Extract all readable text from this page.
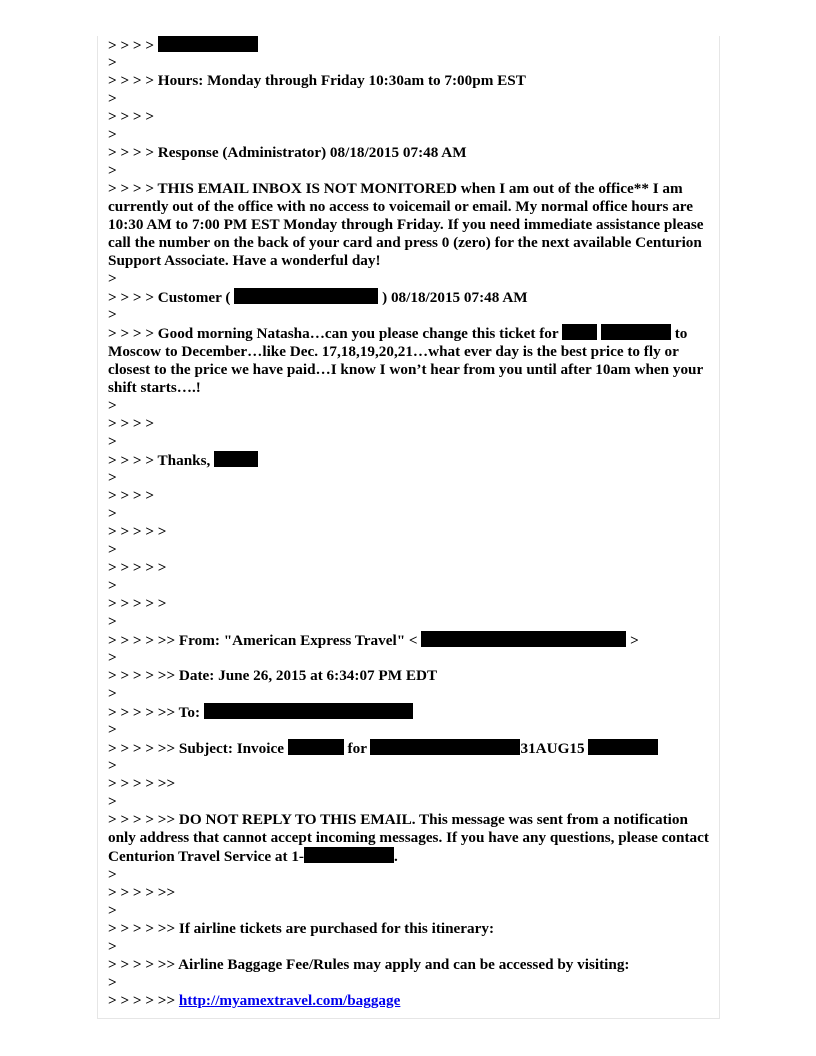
> > > >
>
> > > > Hours: Monday through Friday 10:30am to 7:00pm EST
>
> > > >
>
> > > > Response (Administrator) 08/18/2015 07:48 AM
>
> > > > THIS EMAIL INBOX IS NOT MONITORED when I am out of the office** I am currently out of the office with no access to voicemail or email. My normal office hours are 10:30 AM to 7:00 PM EST Monday through Friday. If you need immediate assistance please call the number on the back of your card and press 0 (zero) for the next available Centurion Support Associate. Have a wonderful day!
>
> > > > Customer (	) 08/18/2015 07:48 AM
>
> > > > Good morning Natasha…can you please change this ticket for	to Moscow to December…like Dec. 17,18,19,20,21…what ever day is the best price to fly or closest to the price we have paid…I know I won’t hear from you until after 10am when your shift starts….!
>
> > > >
>
> > > > Thanks,
>
> > > >
>
> > > > >
>
> > > > >
>
> > > > >
>
> > > > >> From: "American Express Travel" <	>
>
> > > > >> Date: June 26, 2015 at 6:34:07 PM EDT
>
> > > > >> To:
>
> > > > >> Subject: Invoice	for	31AUG15
>
> > > > >>
>
> > > > >> DO NOT REPLY TO THIS EMAIL. This message was sent from a notification only address that cannot accept incoming messages. If you have any questions, please contact Centurion Travel Service at 1-	.
>
> > > > >>
>
> > > > >> If airline tickets are purchased for this itinerary:
>
> > > > >> Airline Baggage Fee/Rules may apply and can be accessed by visiting:
>
> > > > >> http://myamextravel.com/baggage
